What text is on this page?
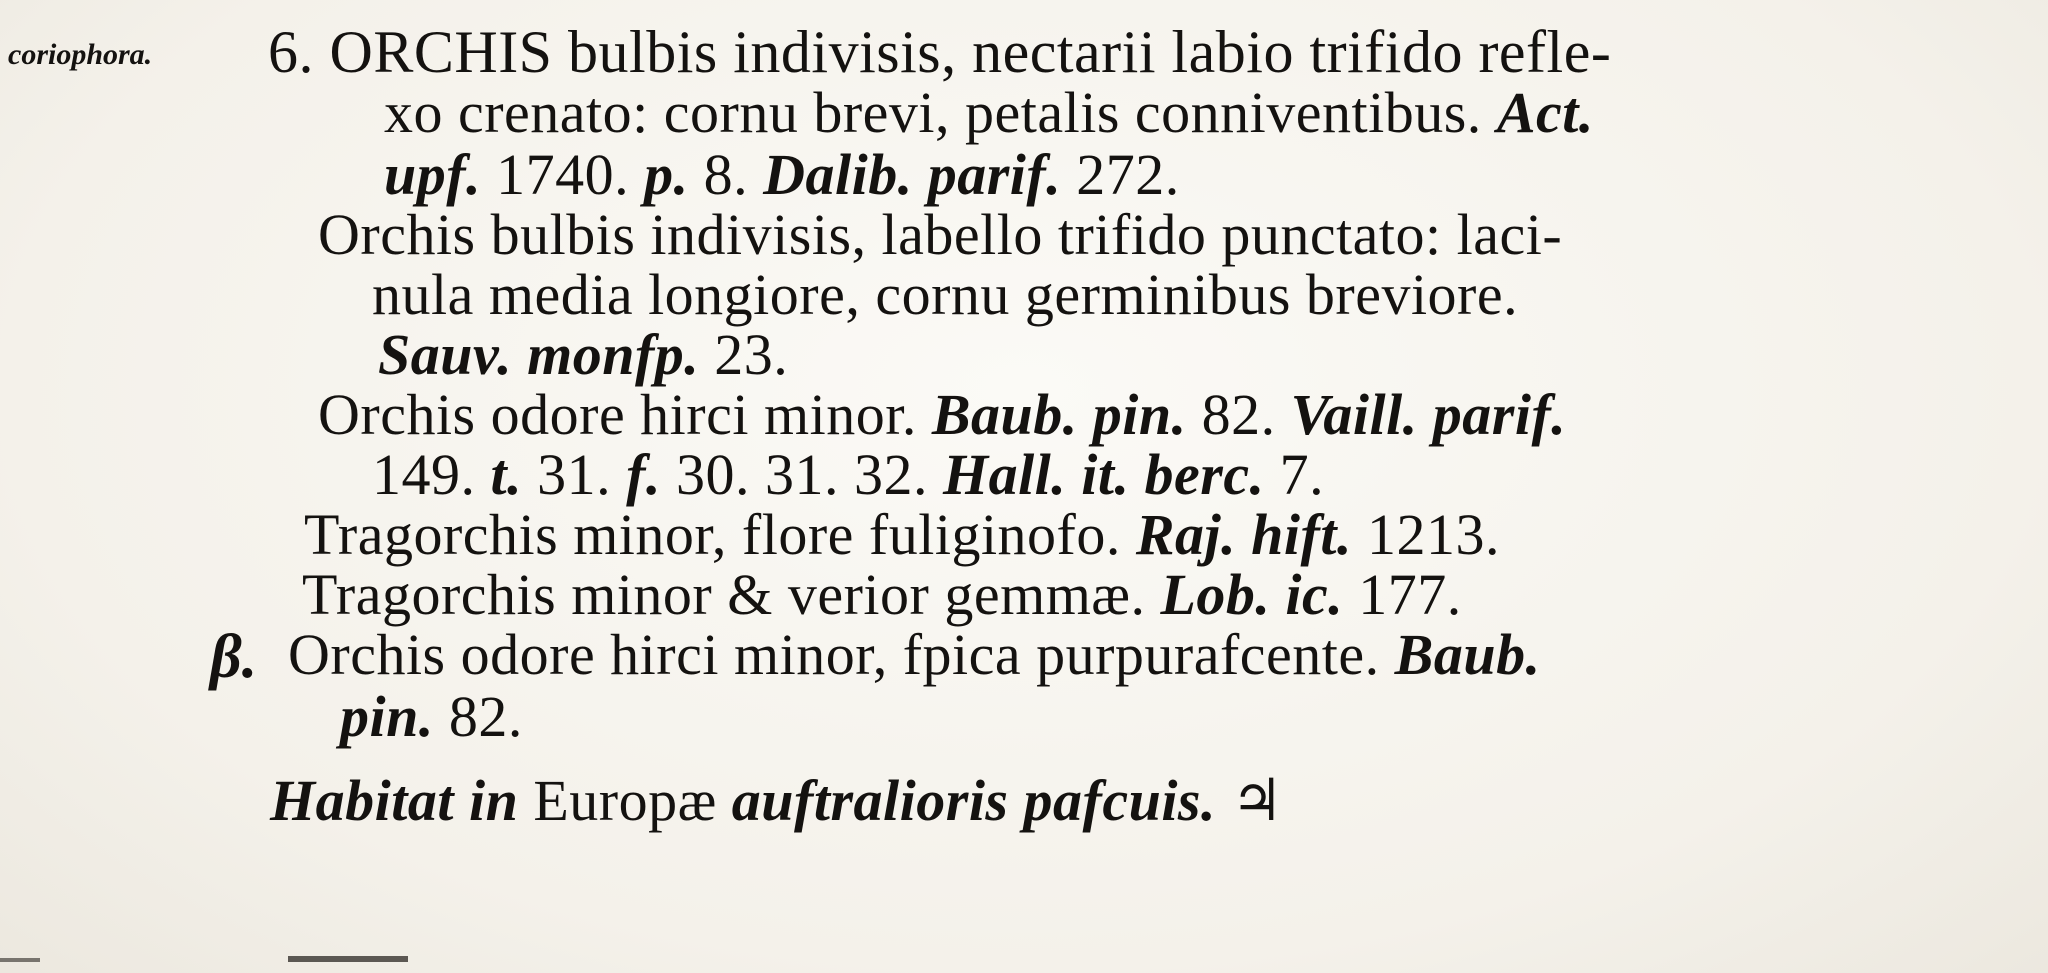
coriophora. 6. ORCHIS bulbis indivisis, nectarii labio trifido refle-
xo crenato: cornu brevi, petalis conniventibus. Act.
upf. 1740. p. 8. Dalib. parif. 272.
Orchis bulbis indivisis, labello trifido punctato: laci-
nula media longiore, cornu germinibus breviore.
Sauv. monfp. 23.
Orchis odore hirci minor. Baub. pin. 82. Vaill. parif.
149. t. 31. f. 30. 31. 32. Hall. it. berc. 7.
Tragorchis minor, flore fuliginofo. Raj. hift. 1213.
Tragorchis minor & verior gemmæ. Lob. ic. 177.
β. Orchis odore hirci minor, fpica purpurafcente. Baub.
pin. 82.
Habitat in Europæ auftralioris pafcuis. ♃
